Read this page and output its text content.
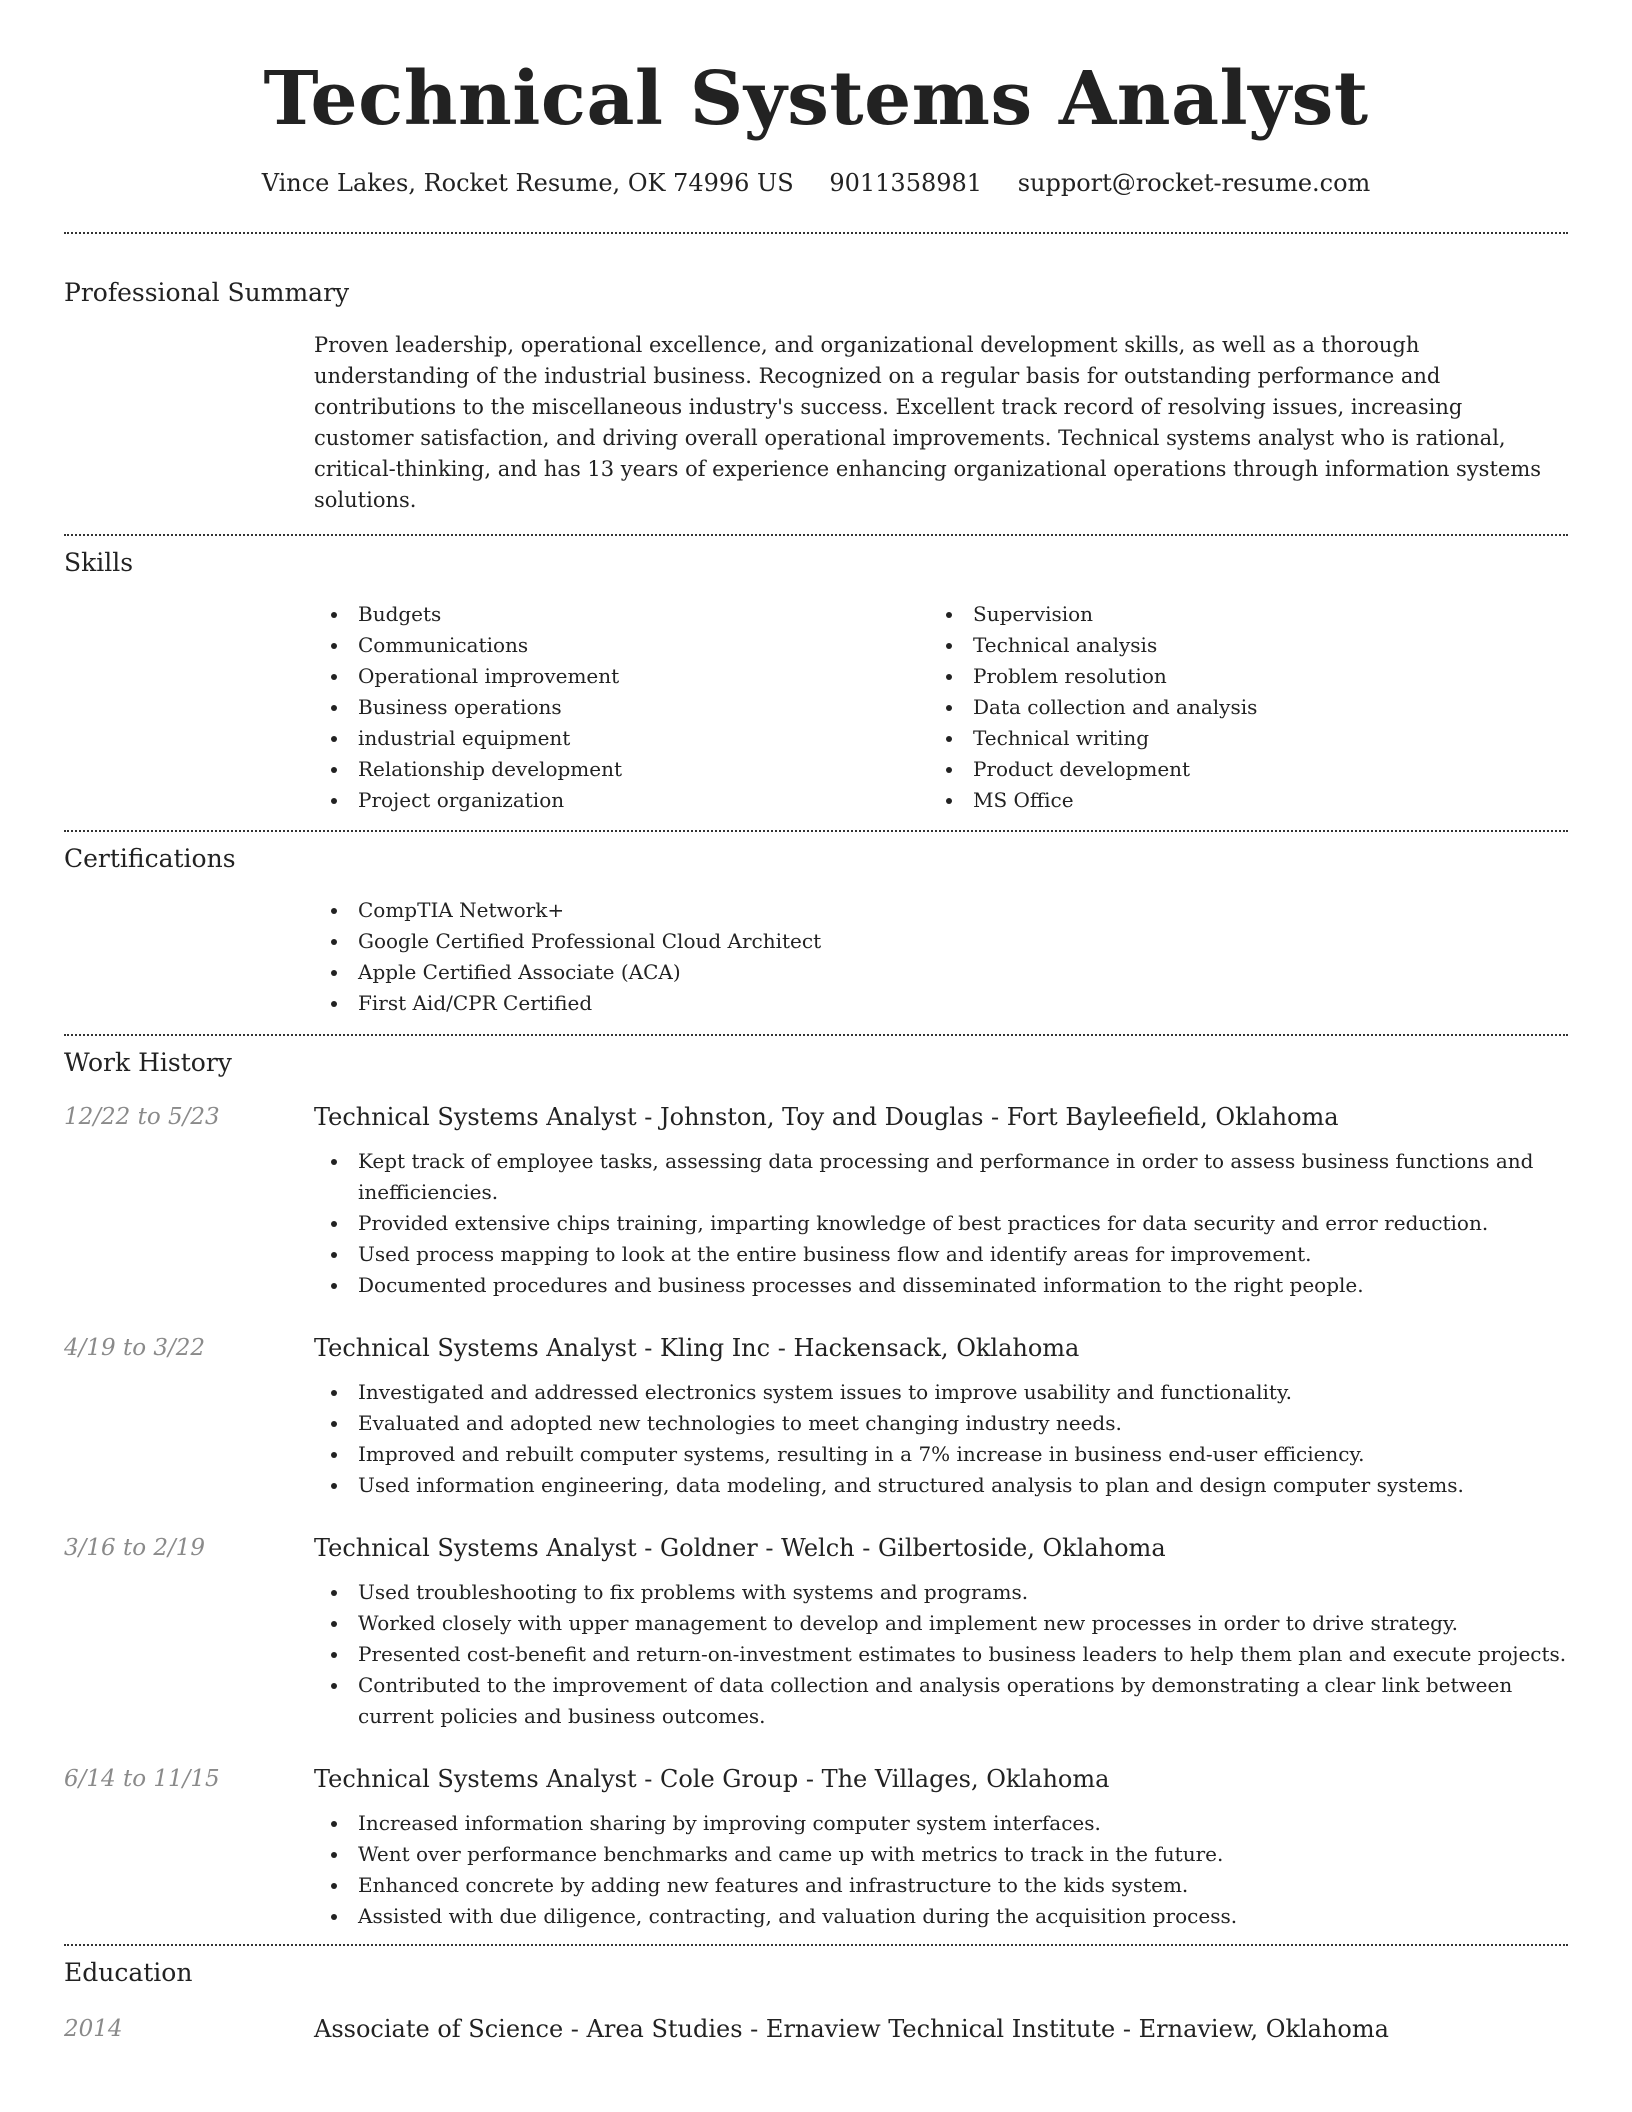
Technical Systems Analyst
Vince Lakes, Rocket Resume, OK 74996 US 9011358981 support@rocket-resume.com
Professional Summary
Proven leadership, operational excellence, and organizational development skills, as well as a thorough understanding of the industrial business. Recognized on a regular basis for outstanding performance and contributions to the miscellaneous industry's success. Excellent track record of resolving issues, increasing customer satisfaction, and driving overall operational improvements. Technical systems analyst who is rational, critical-thinking, and has 13 years of experience enhancing organizational operations through information systems solutions.
Skills
Budgets
Communications
Operational improvement
Business operations
industrial equipment
Relationship development
Project organization
Supervision
Technical analysis
Problem resolution
Data collection and analysis
Technical writing
Product development
MS Office
Certifications
CompTIA Network+
Google Certified Professional Cloud Architect
Apple Certified Associate (ACA)
First Aid/CPR Certified
Work History
12/22 to 5/23	Technical Systems Analyst - Johnston, Toy and Douglas - Fort Bayleefield, Oklahoma
Kept track of employee tasks, assessing data processing and performance in order to assess business functions and inefficiencies.
Provided extensive chips training, imparting knowledge of best practices for data security and error reduction.
Used process mapping to look at the entire business flow and identify areas for improvement.
Documented procedures and business processes and disseminated information to the right people.
4/19 to 3/22	Technical Systems Analyst - Kling Inc - Hackensack, Oklahoma
Investigated and addressed electronics system issues to improve usability and functionality.
Evaluated and adopted new technologies to meet changing industry needs.
Improved and rebuilt computer systems, resulting in a 7% increase in business end-user efficiency.
Used information engineering, data modeling, and structured analysis to plan and design computer systems.
3/16 to 2/19	Technical Systems Analyst - Goldner - Welch - Gilbertoside, Oklahoma
Used troubleshooting to fix problems with systems and programs.
Worked closely with upper management to develop and implement new processes in order to drive strategy.
Presented cost-benefit and return-on-investment estimates to business leaders to help them plan and execute projects.
Contributed to the improvement of data collection and analysis operations by demonstrating a clear link between current policies and business outcomes.
6/14 to 11/15	Technical Systems Analyst - Cole Group - The Villages, Oklahoma
Increased information sharing by improving computer system interfaces.
Went over performance benchmarks and came up with metrics to track in the future.
Enhanced concrete by adding new features and infrastructure to the kids system.
Assisted with due diligence, contracting, and valuation during the acquisition process.
Education
2014	Associate of Science - Area Studies - Ernaview Technical Institute - Ernaview, Oklahoma
